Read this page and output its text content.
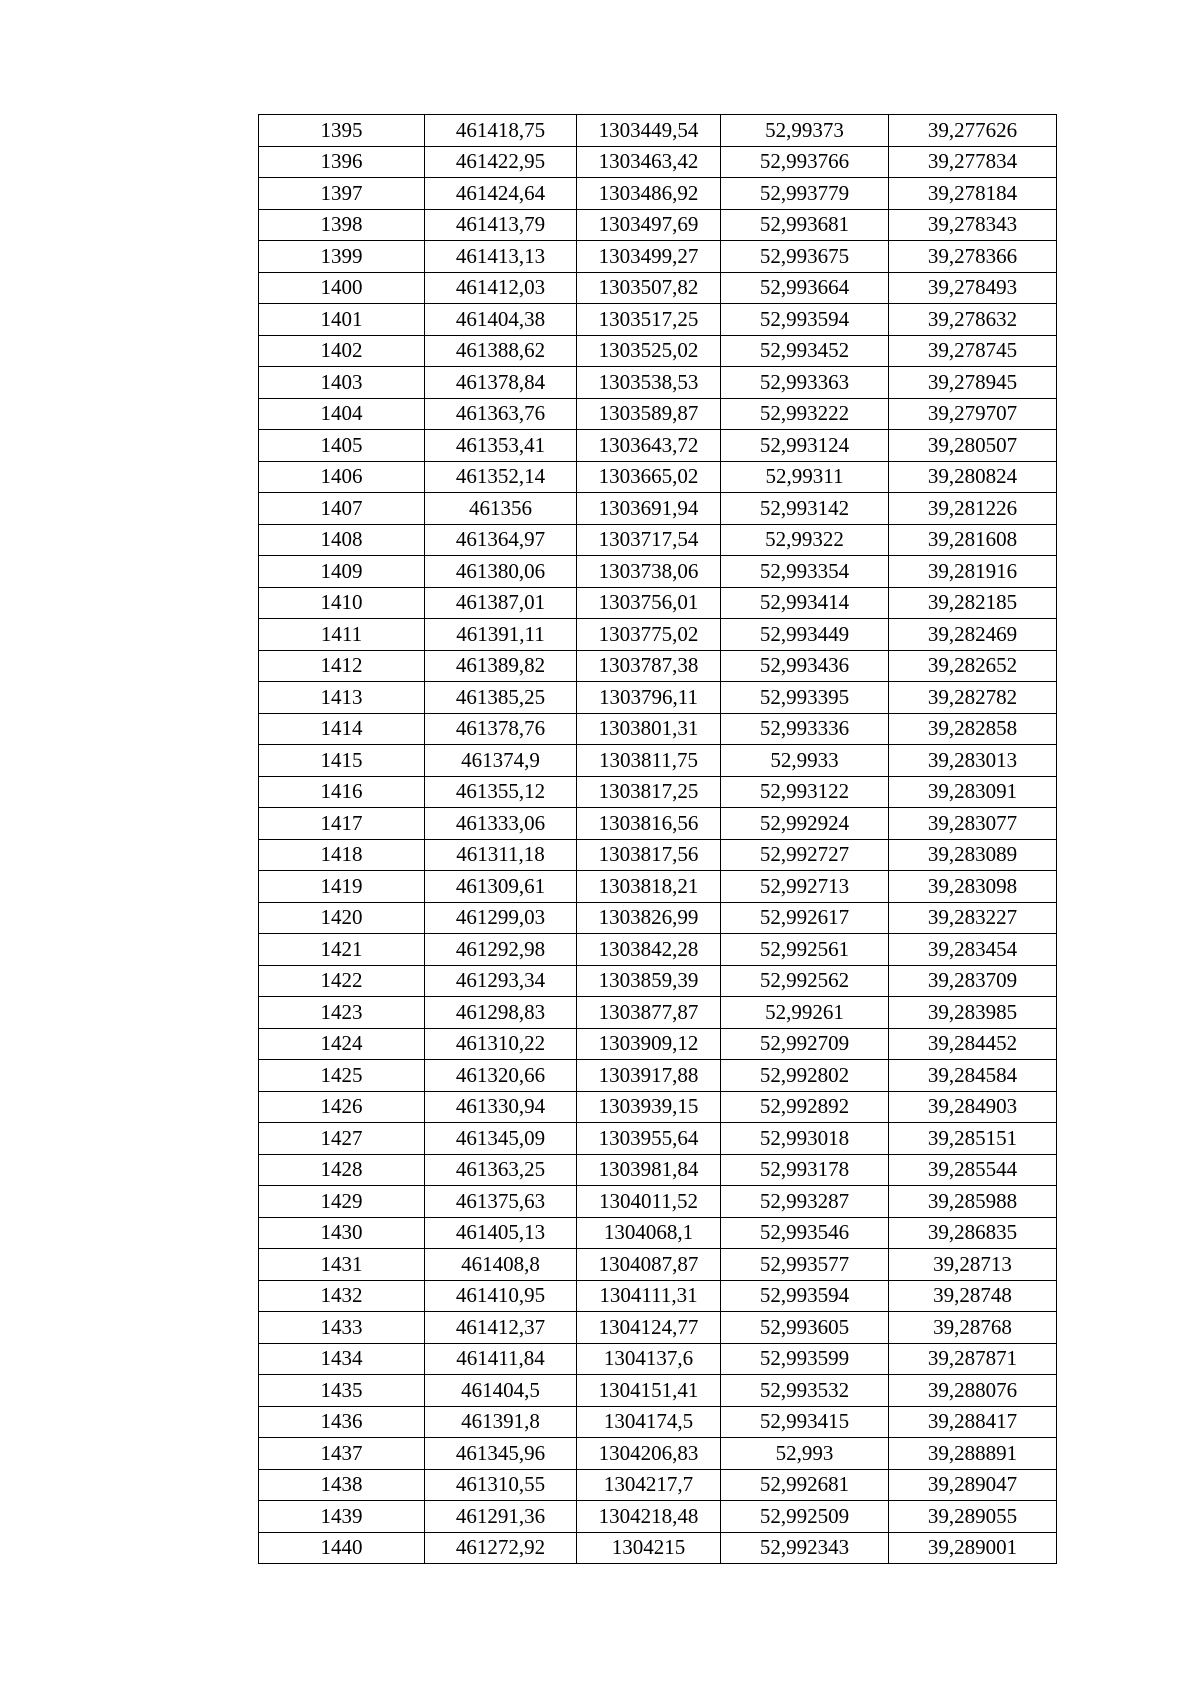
1395	461418,75	1303449,54	52,99373	39,277626
1396	461422,95	1303463,42	52,993766	39,277834
1397	461424,64	1303486,92	52,993779	39,278184
1398	461413,79	1303497,69	52,993681	39,278343
1399	461413,13	1303499,27	52,993675	39,278366
1400	461412,03	1303507,82	52,993664	39,278493
1401	461404,38	1303517,25	52,993594	39,278632
1402	461388,62	1303525,02	52,993452	39,278745
1403	461378,84	1303538,53	52,993363	39,278945
1404	461363,76	1303589,87	52,993222	39,279707
1405	461353,41	1303643,72	52,993124	39,280507
1406	461352,14	1303665,02	52,99311	39,280824
1407	461356	1303691,94	52,993142	39,281226
1408	461364,97	1303717,54	52,99322	39,281608
1409	461380,06	1303738,06	52,993354	39,281916
1410	461387,01	1303756,01	52,993414	39,282185
1411	461391,11	1303775,02	52,993449	39,282469
1412	461389,82	1303787,38	52,993436	39,282652
1413	461385,25	1303796,11	52,993395	39,282782
1414	461378,76	1303801,31	52,993336	39,282858
1415	461374,9	1303811,75	52,9933	39,283013
1416	461355,12	1303817,25	52,993122	39,283091
1417	461333,06	1303816,56	52,992924	39,283077
1418	461311,18	1303817,56	52,992727	39,283089
1419	461309,61	1303818,21	52,992713	39,283098
1420	461299,03	1303826,99	52,992617	39,283227
1421	461292,98	1303842,28	52,992561	39,283454
1422	461293,34	1303859,39	52,992562	39,283709
1423	461298,83	1303877,87	52,99261	39,283985
1424	461310,22	1303909,12	52,992709	39,284452
1425	461320,66	1303917,88	52,992802	39,284584
1426	461330,94	1303939,15	52,992892	39,284903
1427	461345,09	1303955,64	52,993018	39,285151
1428	461363,25	1303981,84	52,993178	39,285544
1429	461375,63	1304011,52	52,993287	39,285988
1430	461405,13	1304068,1	52,993546	39,286835
1431	461408,8	1304087,87	52,993577	39,28713
1432	461410,95	1304111,31	52,993594	39,28748
1433	461412,37	1304124,77	52,993605	39,28768
1434	461411,84	1304137,6	52,993599	39,287871
1435	461404,5	1304151,41	52,993532	39,288076
1436	461391,8	1304174,5	52,993415	39,288417
1437	461345,96	1304206,83	52,993	39,288891
1438	461310,55	1304217,7	52,992681	39,289047
1439	461291,36	1304218,48	52,992509	39,289055
1440	461272,92	1304215	52,992343	39,289001
